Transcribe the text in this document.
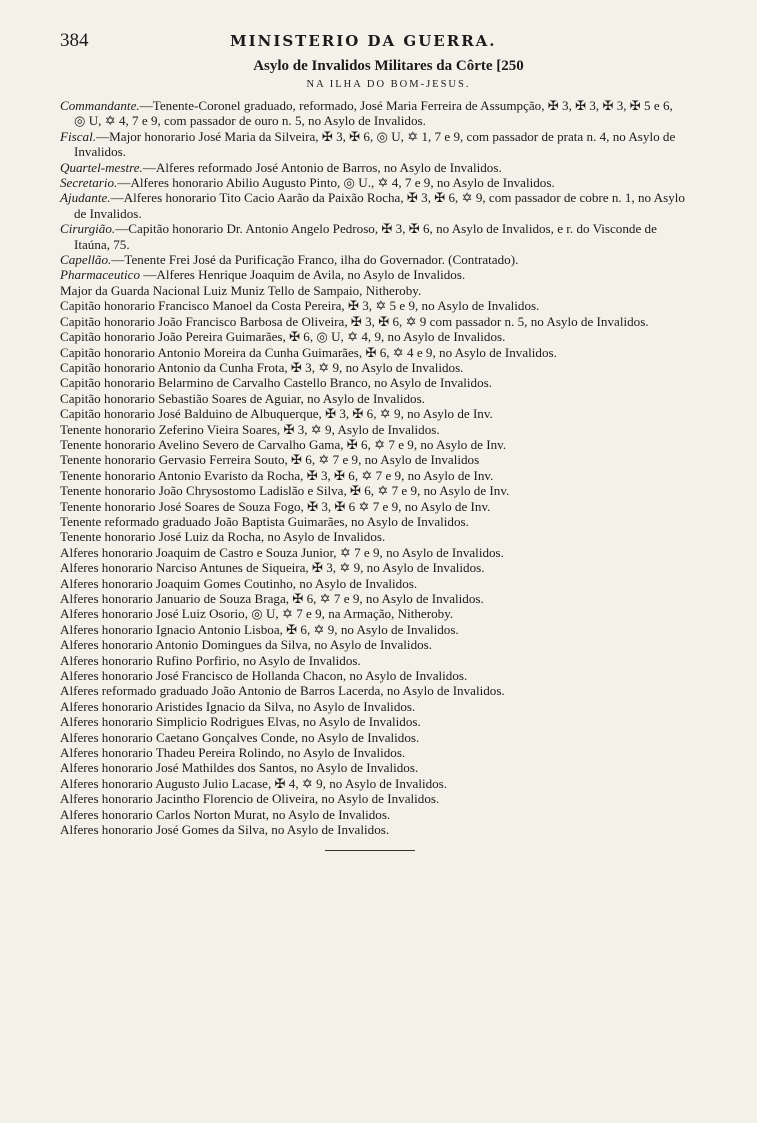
384	MINISTERIO DA GUERRA.
Asylo de Invalidos Militares da Côrte [250
NA ILHA DO BOM-JESUS.

Commandante.—Tenente-Coronel graduado, reformado, José Maria Ferreira de Assumpção, ✠ 3, ✠ 3, ✠ 3, ✠ 5 e 6, ◎ U, ✡ 4, 7 e 9, com passador de ouro n. 5, no Asylo de Invalidos.

Fiscal.—Major honorario José Maria da Silveira, ✠ 3, ✠ 6, ◎ U, ✡ 1, 7 e 9, com passador de prata n. 4, no Asylo de Invalidos.

Quartel-mestre.—Alferes reformado José Antonio de Barros, no Asylo de Invalidos.

Secretario.—Alferes honorario Abilio Augusto Pinto, ◎ U., ✡ 4, 7 e 9, no Asylo de Invalidos.

Ajudante.—Alferes honorario Tito Cacio Aarão da Paixão Rocha, ✠ 3, ✠ 6, ✡ 9, com passador de cobre n. 1, no Asylo de Invalidos.

Cirurgião.—Capitão honorario Dr. Antonio Angelo Pedroso, ✠ 3, ✠ 6, no Asylo de Invalidos, e r. do Visconde de Itaúna, 75.

Capellão.—Tenente Frei José da Purificação Franco, ilha do Governador. (Contratado).

Pharmaceutico —Alferes Henrique Joaquim de Avila, no Asylo de Invalidos.

Major da Guarda Nacional Luiz Muniz Tello de Sampaio, Nitheroby.

Capitão honorario Francisco Manoel da Costa Pereira, ✠ 3, ✡ 5 e 9, no Asylo de Invalidos.

Capitão honorario João Francisco Barbosa de Oliveira, ✠ 3, ✠ 6, ✡ 9 com passador n. 5, no Asylo de Invalidos.

Capitão honorario João Pereira Guimarães, ✠ 6, ◎ U, ✡ 4, 9, no Asylo de Invalidos.

Capitão honorario Antonio Moreira da Cunha Guimarães, ✠ 6, ✡ 4 e 9, no Asylo de Invalidos.

Capitão honorario Antonio da Cunha Frota, ✠ 3, ✡ 9, no Asylo de Invalidos.

Capitão honorario Belarmino de Carvalho Castello Branco, no Asylo de Invalidos.

Capitão honorario Sebastião Soares de Aguiar, no Asylo de Invalidos.

Capitão honorario José Balduino de Albuquerque, ✠ 3, ✠ 6, ✡ 9, no Asylo de Inv.

Tenente honorario Zeferino Vieira Soares, ✠ 3, ✡ 9, Asylo de Invalidos.

Tenente honorario Avelino Severo de Carvalho Gama, ✠ 6, ✡ 7 e 9, no Asylo de Inv.

Tenente honorario Gervasio Ferreira Souto, ✠ 6, ✡ 7 e 9, no Asylo de Invalidos

Tenente honorario Antonio Evaristo da Rocha, ✠ 3, ✠ 6, ✡ 7 e 9, no Asylo de Inv.

Tenente honorario João Chrysostomo Ladislão e Silva, ✠ 6, ✡ 7 e 9, no Asylo de Inv.

Tenente honorario José Soares de Souza Fogo, ✠ 3, ✠ 6 ✡ 7 e 9, no Asylo de Inv.

Tenente reformado graduado João Baptista Guimarães, no Asylo de Invalidos.

Tenente honorario José Luiz da Rocha, no Asylo de Invalidos.

Alferes honorario Joaquim de Castro e Souza Junior, ✡ 7 e 9, no Asylo de Invalidos.

Alferes honorario Narciso Antunes de Siqueira, ✠ 3, ✡ 9, no Asylo de Invalidos.

Alferes honorario Joaquim Gomes Coutinho, no Asylo de Invalidos.

Alferes honorario Januario de Souza Braga, ✠ 6, ✡ 7 e 9, no Asylo de Invalidos.

Alferes honorario José Luiz Osorio, ◎ U, ✡ 7 e 9, na Armação, Nitheroby.

Alferes honorario Ignacio Antonio Lisboa, ✠ 6, ✡ 9, no Asylo de Invalidos.

Alferes honorario Antonio Domingues da Silva, no Asylo de Invalidos.

Alferes honorario Rufino Porfirio, no Asylo de Invalidos.

Alferes honorario José Francisco de Hollanda Chacon, no Asylo de Invalidos.

Alferes reformado graduado João Antonio de Barros Lacerda, no Asylo de Invalidos.

Alferes honorario Aristides Ignacio da Silva, no Asylo de Invalidos.

Alferes honorario Simplicio Rodrigues Elvas, no Asylo de Invalidos.

Alferes honorario Caetano Gonçalves Conde, no Asylo de Invalidos.

Alferes honorario Thadeu Pereira Rolindo, no Asylo de Invalidos.

Alferes honorario José Mathildes dos Santos, no Asylo de Invalidos.

Alferes honorario Augusto Julio Lacase, ✠ 4, ✡ 9, no Asylo de Invalidos.

Alferes honorario Jacintho Florencio de Oliveira, no Asylo de Invalidos.

Alferes honorario Carlos Norton Murat, no Asylo de Invalidos.

Alferes honorario José Gomes da Silva, no Asylo de Invalidos.
